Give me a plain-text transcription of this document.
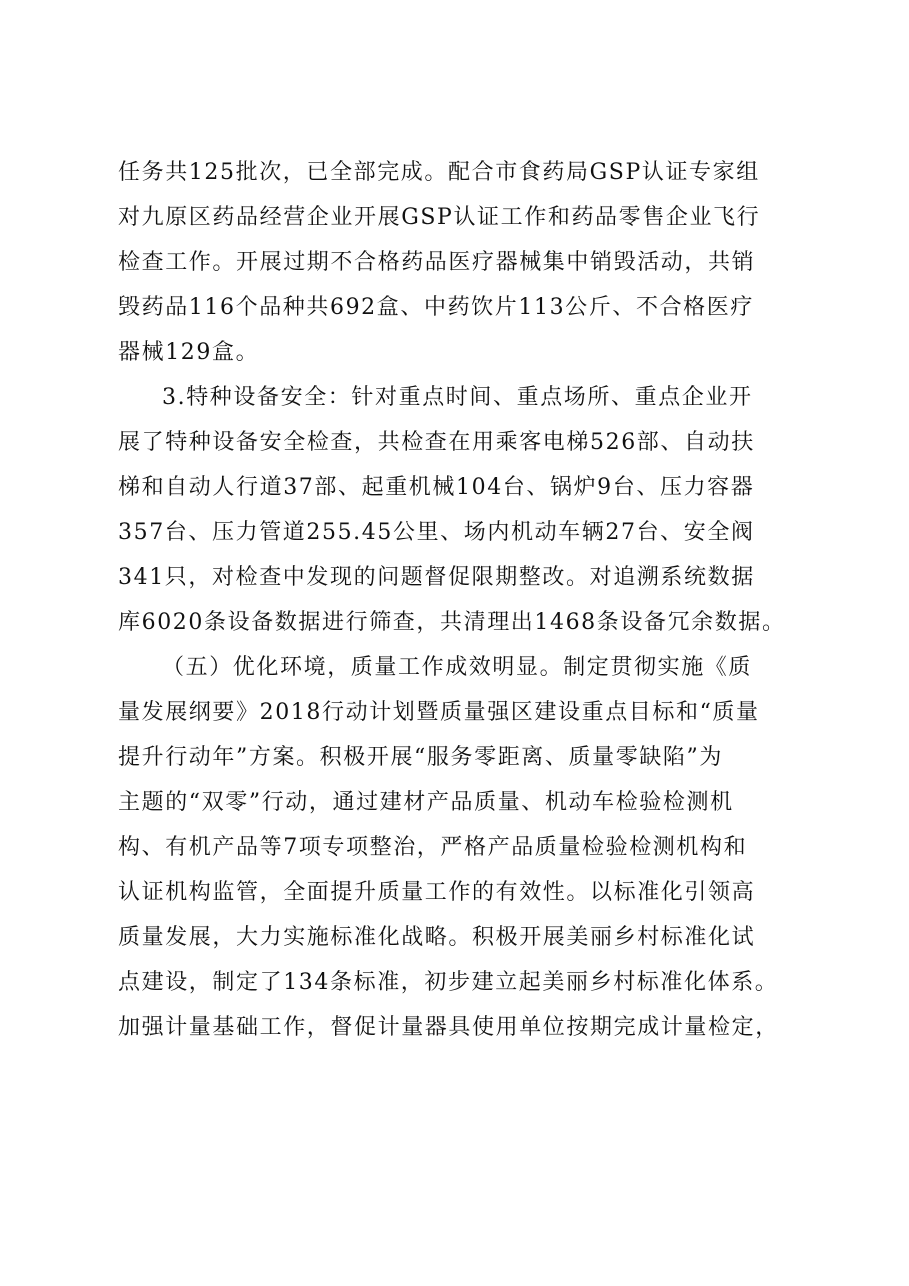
任务共125批次，已全部完成。配合市食药局GSP认证专家组
对九原区药品经营企业开展GSP认证工作和药品零售企业飞行
检查工作。开展过期不合格药品医疗器械集中销毁活动，共销
毁药品116个品种共692盒、中药饮片113公斤、不合格医疗
器械129盒。

3.特种设备安全：针对重点时间、重点场所、重点企业开
展了特种设备安全检查，共检查在用乘客电梯526部、自动扶
梯和自动人行道37部、起重机械104台、锅炉9台、压力容器
357台、压力管道255.45公里、场内机动车辆27台、安全阀
341只，对检查中发现的问题督促限期整改。对追溯系统数据
库6020条设备数据进行筛查，共清理出1468条设备冗余数据。

（五）优化环境，质量工作成效明显。制定贯彻实施《质
量发展纲要》2018行动计划暨质量强区建设重点目标和“质量
提升行动年”方案。积极开展“服务零距离、质量零缺陷”为
主题的“双零”行动，通过建材产品质量、机动车检验检测机
构、有机产品等7项专项整治，严格产品质量检验检测机构和
认证机构监管，全面提升质量工作的有效性。以标准化引领高
质量发展，大力实施标准化战略。积极开展美丽乡村标准化试
点建设，制定了134条标准，初步建立起美丽乡村标准化体系。
加强计量基础工作，督促计量器具使用单位按期完成计量检定，
